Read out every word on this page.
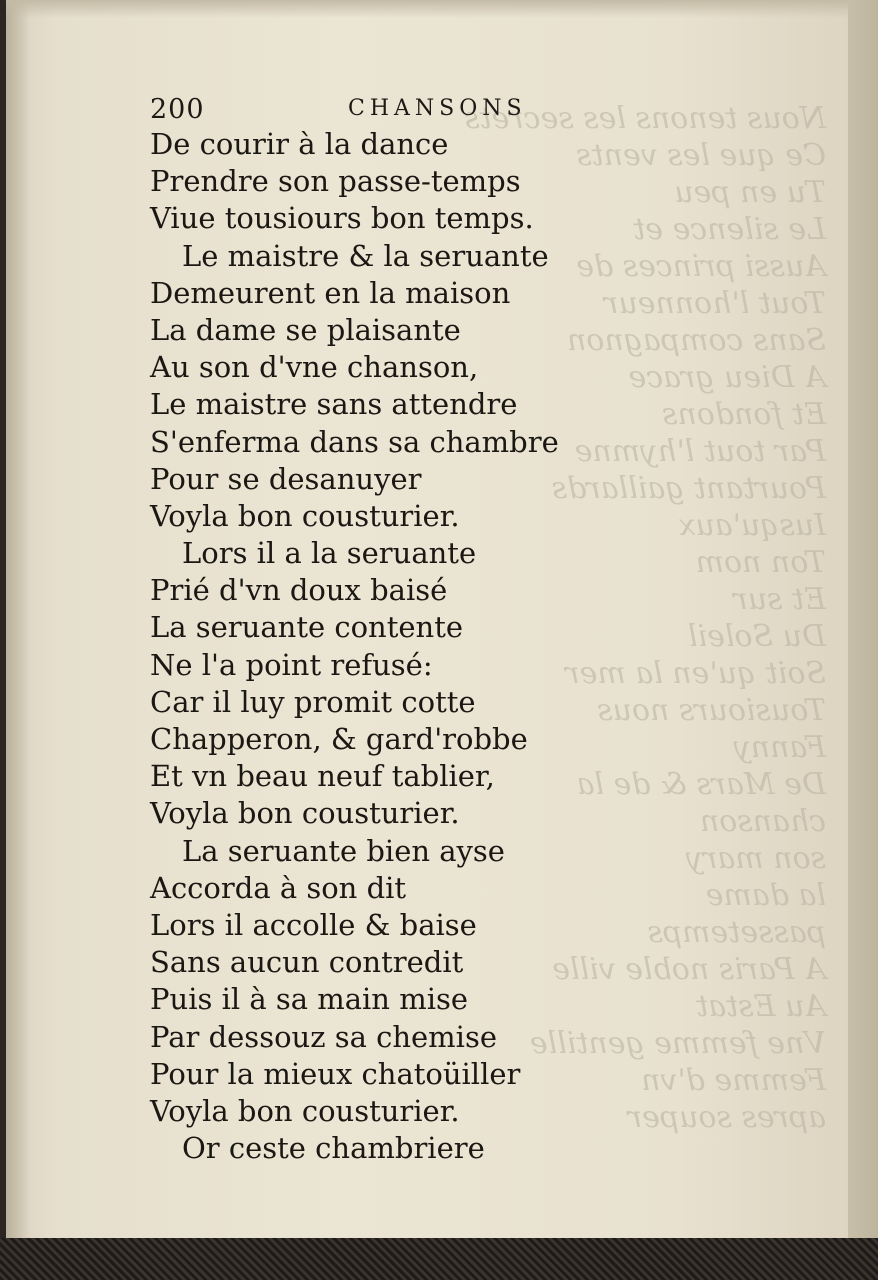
Nous tenons les secrets
Ce que les vents
Tu en peu
Le silence et
Aussi princes de
Tout l'honneur
Sans compagnon
A Dieu grace
Et fondons
Par tout l'hymne
Pourtant gaillards
Iusqu'aux
Ton nom
Et sur
Du Soleil
Soit qu'en la mer
Tousiours nous
Fanny
De Mars & de la
chanson
son mary
la dame
passetemps
A Paris noble ville
Au Estat
Vne femme gentille
Femme d'vn
apres souper
200	CHANSONS
De courir à la dance
Prendre son passe-temps
Viue tousiours bon temps.
Le maistre & la seruante
Demeurent en la maison
La dame se plaisante
Au son d'vne chanson,
Le maistre sans attendre
S'enferma dans sa chambre
Pour se desanuyer
Voyla bon cousturier.
Lors il a la seruante
Prié d'vn doux baisé
La seruante contente
Ne l'a point refusé:
Car il luy promit cotte
Chapperon, & gard'robbe
Et vn beau neuf tablier,
Voyla bon cousturier.
La seruante bien ayse
Accorda à son dit
Lors il accolle & baise
Sans aucun contredit
Puis il à sa main mise
Par dessouz sa chemise
Pour la mieux chatoüiller
Voyla bon cousturier.
Or ceste chambriere
